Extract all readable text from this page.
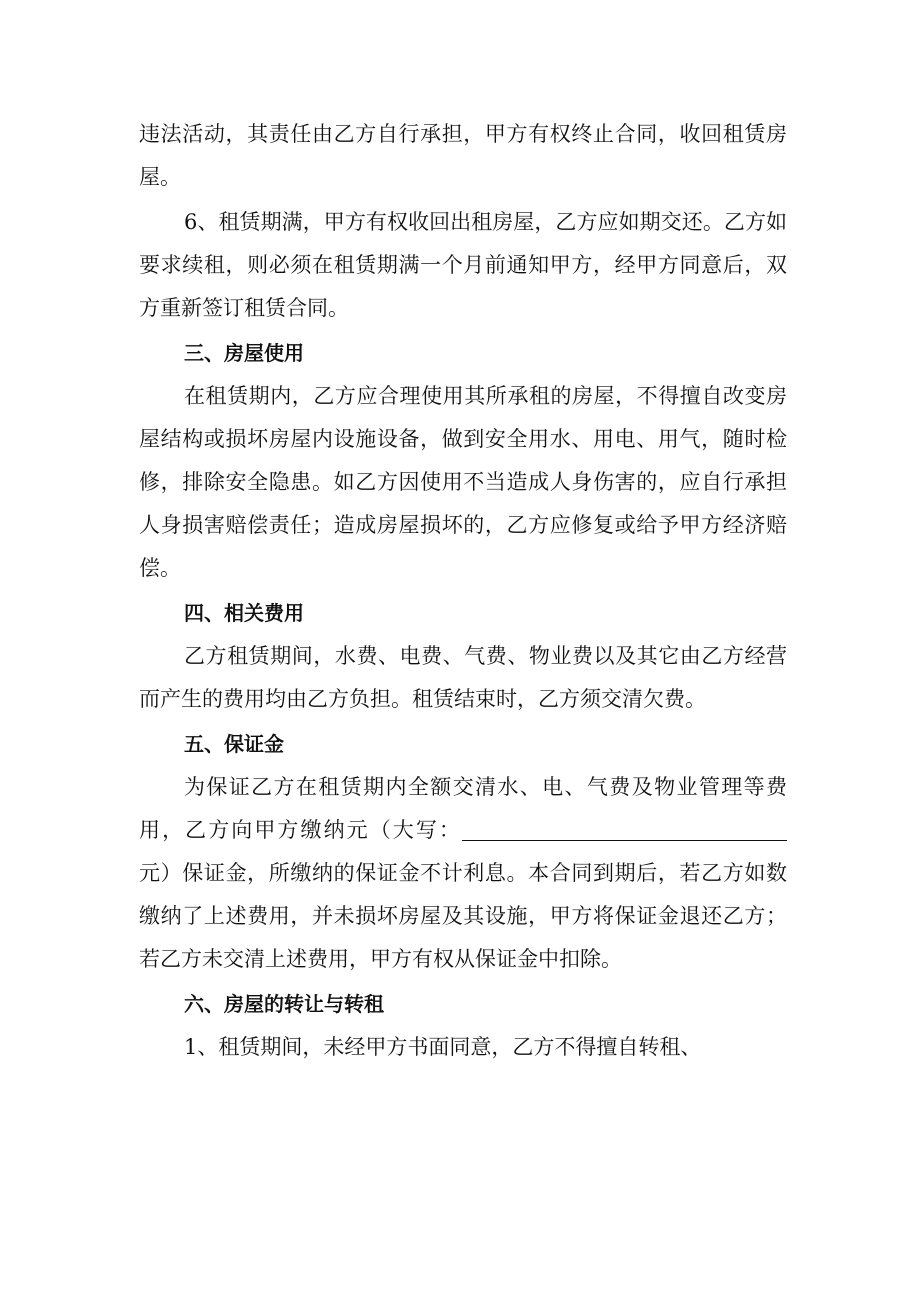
违法活动，其责任由乙方自行承担，甲方有权终止合同，收回租赁房屋。

6、租赁期满，甲方有权收回出租房屋，乙方应如期交还。乙方如要求续租，则必须在租赁期满一个月前通知甲方，经甲方同意后，双方重新签订租赁合同。

三、房屋使用

在租赁期内，乙方应合理使用其所承租的房屋，不得擅自改变房屋结构或损坏房屋内设施设备，做到安全用水、用电、用气，随时检修，排除安全隐患。如乙方因使用不当造成人身伤害的，应自行承担人身损害赔偿责任；造成房屋损坏的，乙方应修复或给予甲方经济赔偿。

四、相关费用

乙方租赁期间，水费、电费、气费、物业费以及其它由乙方经营而产生的费用均由乙方负担。租赁结束时，乙方须交清欠费。

五、保证金

为保证乙方在租赁期内全额交清水、电、气费及物业管理等费用，乙方向甲方缴纳元（大写：元）保证金，所缴纳的保证金不计利息。本合同到期后，若乙方如数缴纳了上述费用，并未损坏房屋及其设施，甲方将保证金退还乙方；若乙方未交清上述费用，甲方有权从保证金中扣除。

六、房屋的转让与转租

1、租赁期间，未经甲方书面同意，乙方不得擅自转租、
